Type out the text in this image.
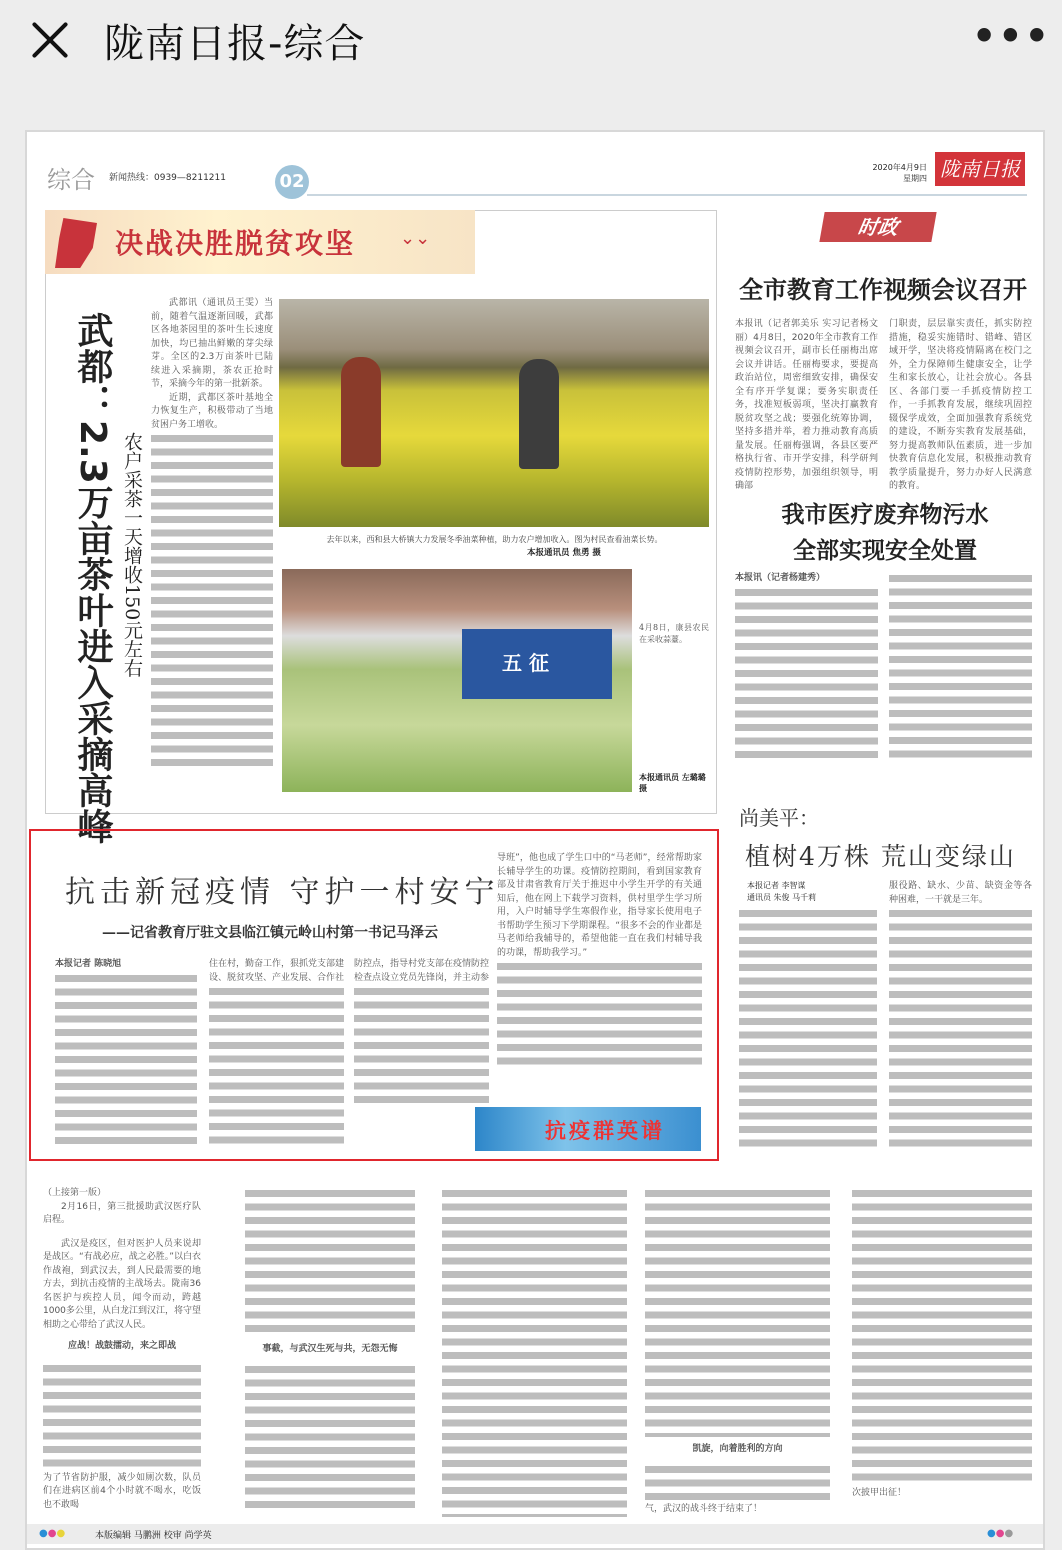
陇南日报-综合	•••
综合 新闻热线：0939—8211211	02
2020年4月9日
星期四 陇南日报
决战决胜脱贫攻坚 ⌄⌄
武都：2.3万亩茶叶进入采摘高峰 农户采茶一天增收150元左右

武都讯（通讯员王雯）当前，随着气温逐渐回暖，武都区各地茶园里的茶叶生长速度加快，均已抽出鲜嫩的芽尖绿芽。全区的2.3万亩茶叶已陆续进入采摘期，茶农正抢时节，采摘今年的第一批新茶。

近期，武都区茶叶基地全力恢复生产，积极带动了当地贫困户务工增收。

去年以来，西和县大桥镇大力发展冬季油菜种植，助力农户增加收入。图为村民查看油菜长势。
本报通讯员 焦勇 摄
五 征
4月8日，康县农民在采收蒜薹。
本报通讯员 左璐璐 摄
时政
全市教育工作视频会议召开
本报讯（记者郭美乐 实习记者杨文丽）4月8日，2020年全市教育工作视频会议召开，副市长任丽梅出席会议并讲话。任丽梅要求，要提高政治站位，周密细致安排，确保安全有序开学复课；要务实职责任务，找准短板弱项，坚决打赢教育脱贫攻坚之战；要强化统筹协调，坚持多措并举，着力推动教育高质量发展。任丽梅强调，各县区要严格执行省、市开学安排，科学研判疫情防控形势，加强组织领导，明确部
门职责，层层靠实责任，抓实防控措施，稳妥实施错时、错峰、错区域开学，坚决将疫情隔离在校门之外，全力保障师生健康安全，让学生和家长放心，让社会放心。各县区、各部门要一手抓疫情防控工作，一手抓教育发展，继续巩固控辍保学成效，全面加强教育系统党的建设，不断夯实教育发展基础，努力提高教师队伍素质，进一步加快教育信息化发展，积极推动教育教学质量提升，努力办好人民满意的教育。
我市医疗废弃物污水
全部实现安全处置
本报讯（记者杨建秀）
尚美平：
植树4万株 荒山变绿山
本报记者 李智谋
通讯员 朱俊 马千莉
服役路、缺水、少苗、缺资金等各种困难，一干就是三年。
抗击新冠疫情 守护一村安宁
——记省教育厅驻文县临江镇元岭山村第一书记马泽云
本报记者 陈晓旭	住在村，勤奋工作，狠抓党支部建设、脱贫攻坚、产业发展、合作社
防控点，指导村党支部在疫情防控检查点设立党员先锋岗，并主动参
导班”，他也成了学生口中的“马老师”，经常帮助家长辅导学生的功课。疫情防控期间，看到国家教育部及甘肃省教育厅关于推迟中小学生开学的有关通知后，他在网上下载学习资料，供村里学生学习所用，入户时辅导学生寒假作业，指导家长使用电子书帮助学生预习下学期课程。“很多不会的作业都是马老师给我辅导的，希望他能一直在我们村辅导我的功课，帮助我学习。”
抗疫群英谱
（上接第一版）

2月16日，第三批援助武汉医疗队启程。

武汉是疫区，但对医护人员来说却是战区。“有战必应，战之必胜。”以白衣作战袍，到武汉去，到人民最需要的地方去，到抗击疫情的主战场去。陇南36名医护与疾控人员，闻令而动，跨越1000多公里，从白龙江到汉江，将守望相助之心带给了武汉人民。

应战！战鼓擂动，来之即战

为了节省防护服，减少如厕次数，队员们在进病区前4个小时就不喝水，吃饭也不敢喝

事截，与武汉生死与共，无怨无悔

凯旋，向着胜利的方向

气，武汉的战斗终于结束了！

次披甲出征！

●●●	本版编辑 马鹏洲 校审 尚学英	●●●
